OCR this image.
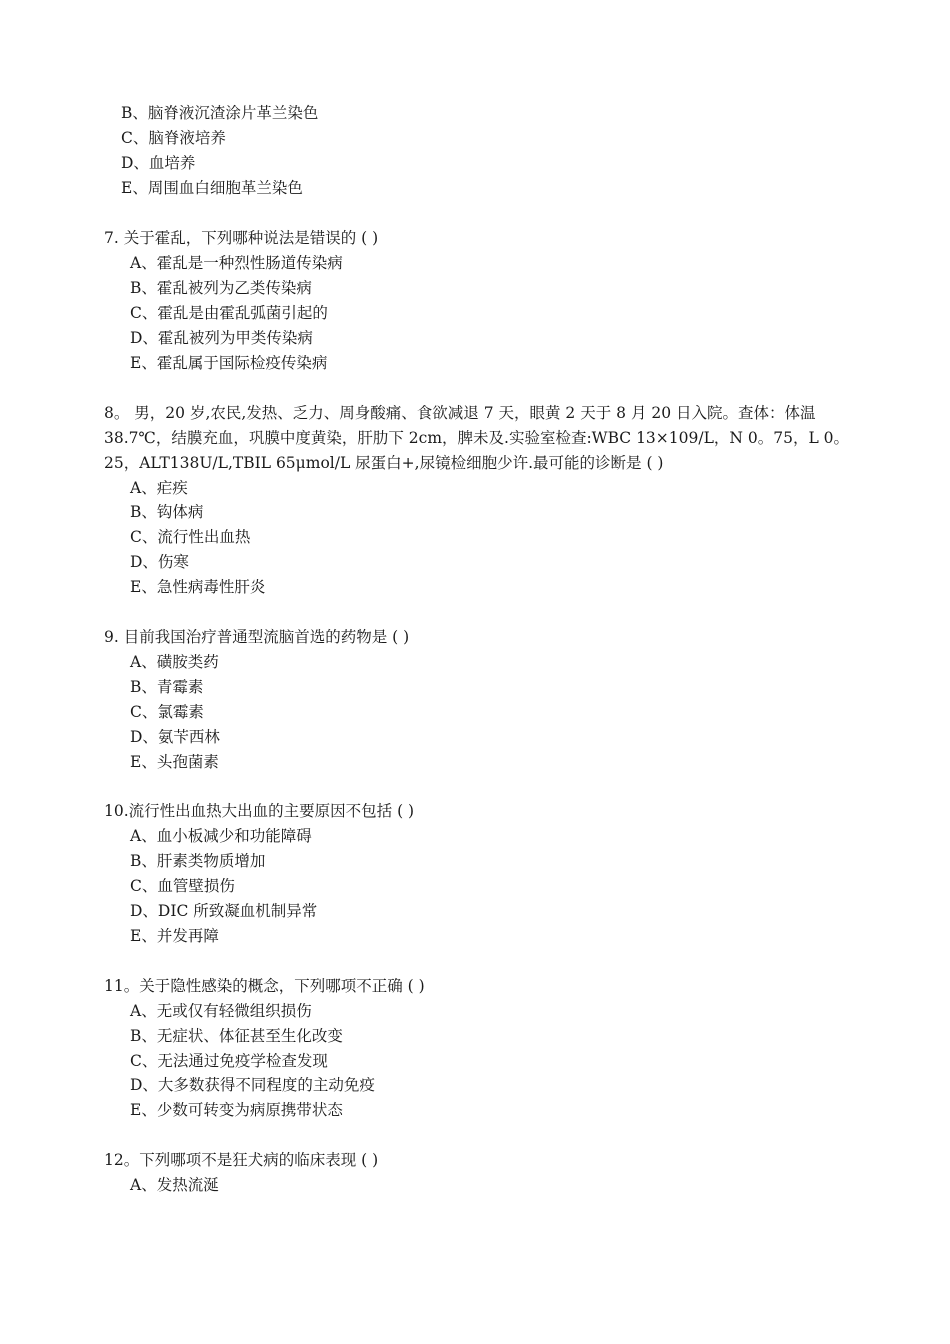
B、脑脊液沉渣涂片革兰染色
C、脑脊液培养
D、血培养
E、周围血白细胞革兰染色
7. 关于霍乱，下列哪种说法是错误的 ( )
A、霍乱是一种烈性肠道传染病
B、霍乱被列为乙类传染病
C、霍乱是由霍乱弧菌引起的
D、霍乱被列为甲类传染病
E、霍乱属于国际检疫传染病
8。 男，20 岁,农民,发热、乏力、周身酸痛、食欲减退 7 天，眼黄 2 天于 8 月 20 日入院。查体：体温
38.7℃，结膜充血，巩膜中度黄染，肝肋下 2cm，脾未及.实验室检查:WBC 13×109/L，N 0。75，L 0。
25，ALT138U/L,TBIL 65μmol/L 尿蛋白+,尿镜检细胞少许.最可能的诊断是 ( )
A、疟疾
B、钩体病
C、流行性出血热
D、伤寒
E、急性病毒性肝炎
9. 目前我国治疗普通型流脑首选的药物是 ( )
A、磺胺类药
B、青霉素
C、氯霉素
D、氨苄西林
E、头孢菌素
10.流行性出血热大出血的主要原因不包括 ( )
A、血小板减少和功能障碍
B、肝素类物质增加
C、血管壁损伤
D、DIC 所致凝血机制异常
E、并发再障
11。关于隐性感染的概念，下列哪项不正确 ( )
A、无或仅有轻微组织损伤
B、无症状、体征甚至生化改变
C、无法通过免疫学检查发现
D、大多数获得不同程度的主动免疫
E、少数可转变为病原携带状态
12。下列哪项不是狂犬病的临床表现 ( )
A、发热流涎
